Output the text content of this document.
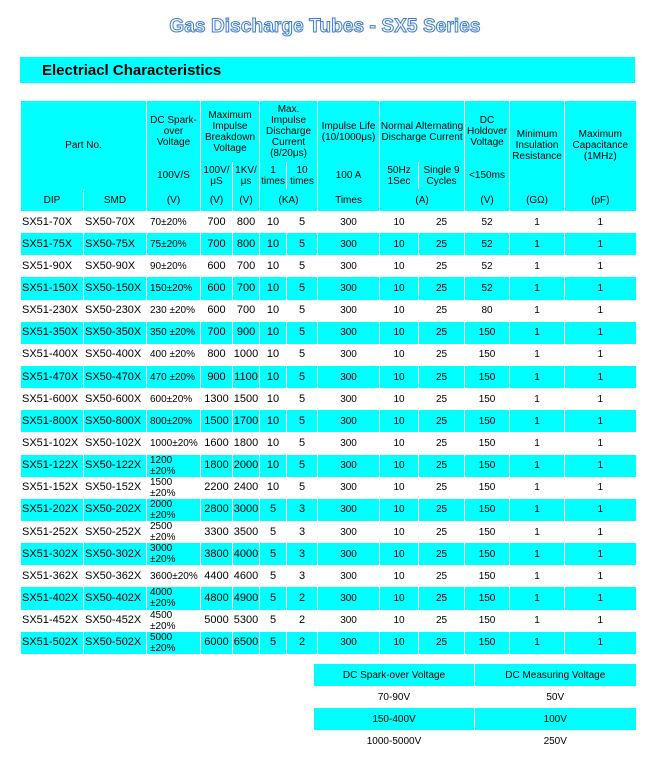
Gas Discharge Tubes - SX5 Series
Electriacl Characteristics
Part No.		DC Spark-over Voltage	Maximum Impulse Breakdown Voltage		Max. Impulse Discharge Current (8/20μs)		Impulse Life (10/1000μs)	Normal Alternating Discharge Current		DC Holdover Voltage	Minimum Insulation Resistance	Maximum Capacitance (1MHz)
		100V/S	100V/ μS	1KV/ μs	1 times	10 times	100 A	50Hz 1Sec	Single 9 Cycles	<150ms		
DIP	SMD	(V)	(V)	(V)	(KA)		Times	(A)		(V)	(GΩ)	(pF)
SX51-70X	SX50-70X	70±20%	700	800	10	5	300	10	25	52	1	1
SX51-75X	SX50-75X	75±20%	700	800	10	5	300	10	25	52	1	1
SX51-90X	SX50-90X	90±20%	600	700	10	5	300	10	25	52	1	1
SX51-150X	SX50-150X	150±20%	600	700	10	5	300	10	25	52	1	1
SX51-230X	SX50-230X	230 ±20%	600	700	10	5	300	10	25	80	1	1
SX51-350X	SX50-350X	350 ±20%	700	900	10	5	300	10	25	150	1	1
SX51-400X	SX50-400X	400 ±20%	800	1000	10	5	300	10	25	150	1	1
SX51-470X	SX50-470X	470 ±20%	900	1100	10	5	300	10	25	150	1	1
SX51-600X	SX50-600X	600±20%	1300	1500	10	5	300	10	25	150	1	1
SX51-800X	SX50-800X	800±20%	1500	1700	10	5	300	10	25	150	1	1
SX51-102X	SX50-102X	1000±20%	1600	1800	10	5	300	10	25	150	1	1
SX51-122X	SX50-122X	1200 ±20%	1800	2000	10	5	300	10	25	150	1	1
SX51-152X	SX50-152X	1500 ±20%	2200	2400	10	5	300	10	25	150	1	1
SX51-202X	SX50-202X	2000 ±20%	2800	3000	5	3	300	10	25	150	1	1
SX51-252X	SX50-252X	2500 ±20%	3300	3500	5	3	300	10	25	150	1	1
SX51-302X	SX50-302X	3000 ±20%	3800	4000	5	3	300	10	25	150	1	1
SX51-362X	SX50-362X	3600±20%	4400	4600	5	3	300	10	25	150	1	1
SX51-402X	SX50-402X	4000 ±20%	4800	4900	5	2	300	10	25	150	1	1
SX51-452X	SX50-452X	4500 ±20%	5000	5300	5	2	300	10	25	150	1	1
SX51-502X	SX50-502X	5000 ±20%	6000	6500	5	2	300	10	25	150	1	1
DC Spark-over Voltage	DC Measuring Voltage
70-90V	50V
150-400V	100V
1000-5000V	250V
